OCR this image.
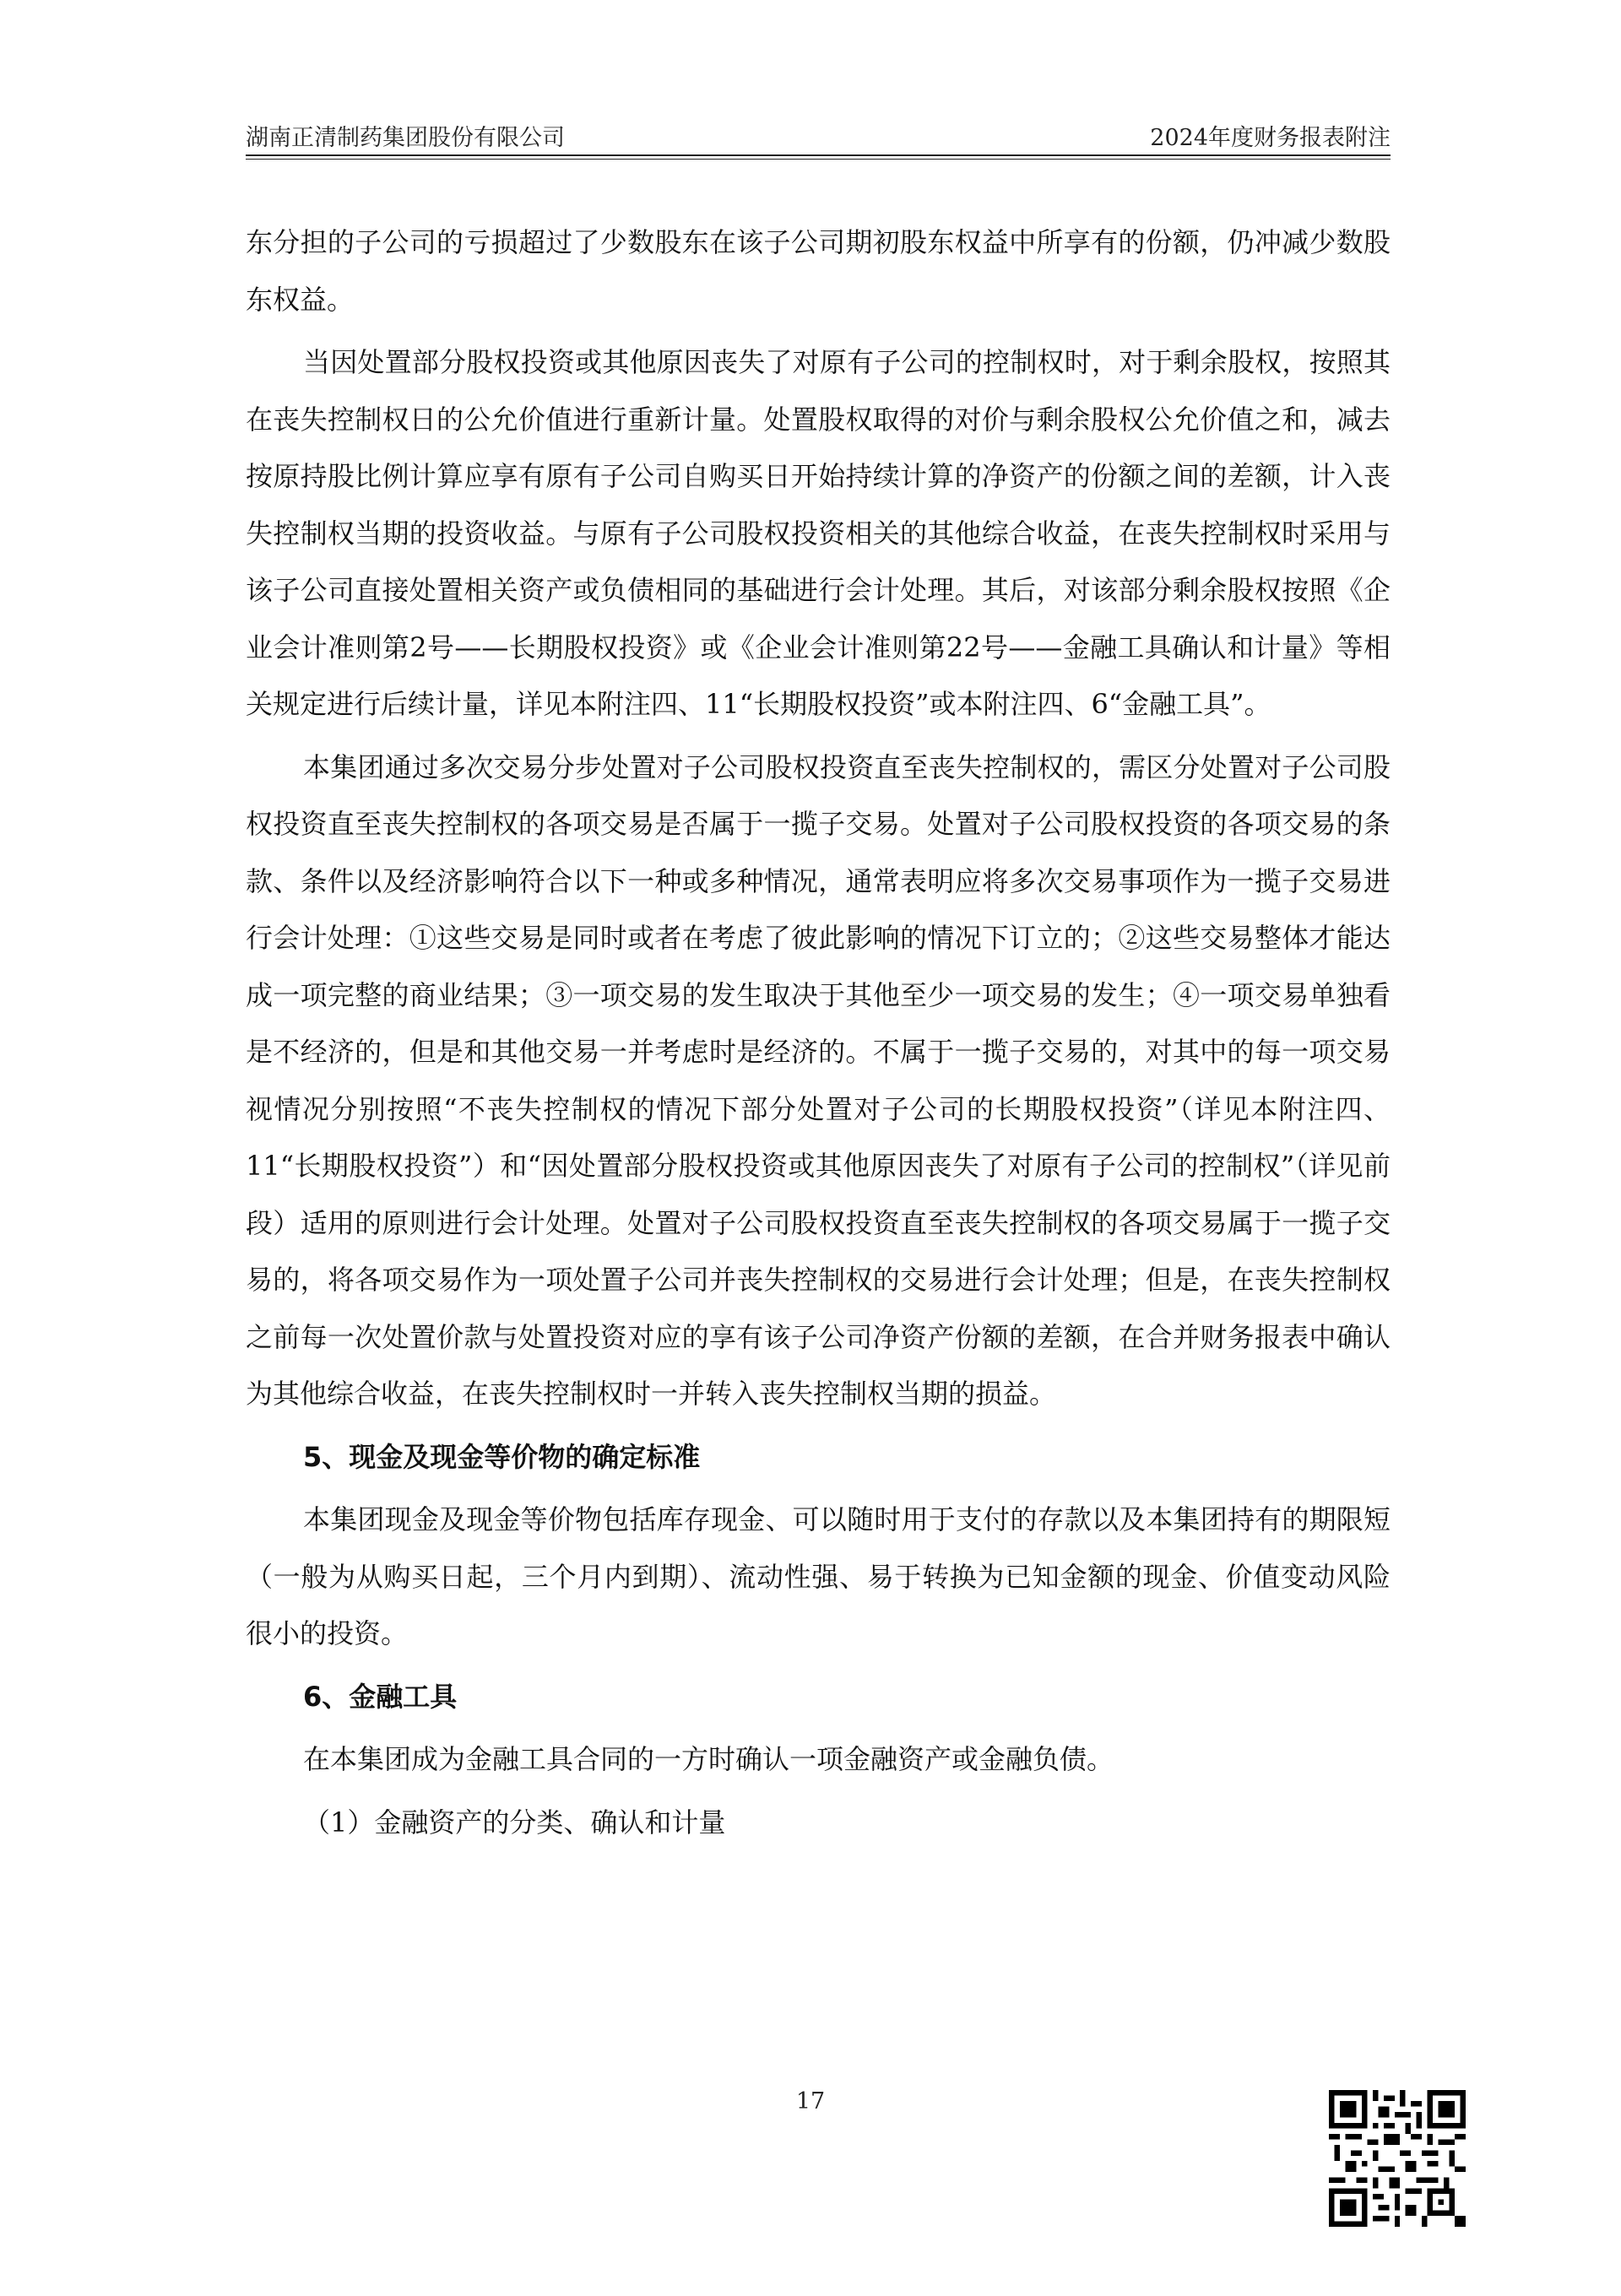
湖南正清制药集团股份有限公司	2024年度财务报表附注

东分担的子公司的亏损超过了少数股东在该子公司期初股东权益中所享有的份额，仍冲减少数股东权益。

当因处置部分股权投资或其他原因丧失了对原有子公司的控制权时，对于剩余股权，按照其在丧失控制权日的公允价值进行重新计量。处置股权取得的对价与剩余股权公允价值之和，减去按原持股比例计算应享有原有子公司自购买日开始持续计算的净资产的份额之间的差额，计入丧失控制权当期的投资收益。与原有子公司股权投资相关的其他综合收益，在丧失控制权时采用与该子公司直接处置相关资产或负债相同的基础进行会计处理。其后，对该部分剩余股权按照《企业会计准则第2号——长期股权投资》或《企业会计准则第22号——金融工具确认和计量》等相关规定进行后续计量，详见本附注四、11“长期股权投资”或本附注四、6“金融工具”。

本集团通过多次交易分步处置对子公司股权投资直至丧失控制权的，需区分处置对子公司股权投资直至丧失控制权的各项交易是否属于一揽子交易。处置对子公司股权投资的各项交易的条款、条件以及经济影响符合以下一种或多种情况，通常表明应将多次交易事项作为一揽子交易进行会计处理：①这些交易是同时或者在考虑了彼此影响的情况下订立的；②这些交易整体才能达成一项完整的商业结果；③一项交易的发生取决于其他至少一项交易的发生；④一项交易单独看是不经济的，但是和其他交易一并考虑时是经济的。不属于一揽子交易的，对其中的每一项交易视情况分别按照“不丧失控制权的情况下部分处置对子公司的长期股权投资”（详见本附注四、11“长期股权投资”）和“因处置部分股权投资或其他原因丧失了对原有子公司的控制权”（详见前段）适用的原则进行会计处理。处置对子公司股权投资直至丧失控制权的各项交易属于一揽子交易的，将各项交易作为一项处置子公司并丧失控制权的交易进行会计处理；但是，在丧失控制权之前每一次处置价款与处置投资对应的享有该子公司净资产份额的差额，在合并财务报表中确认为其他综合收益，在丧失控制权时一并转入丧失控制权当期的损益。

5、现金及现金等价物的确定标准

本集团现金及现金等价物包括库存现金、可以随时用于支付的存款以及本集团持有的期限短（一般为从购买日起，三个月内到期）、流动性强、易于转换为已知金额的现金、价值变动风险很小的投资。

6、金融工具

在本集团成为金融工具合同的一方时确认一项金融资产或金融负债。

（1）金融资产的分类、确认和计量

17
